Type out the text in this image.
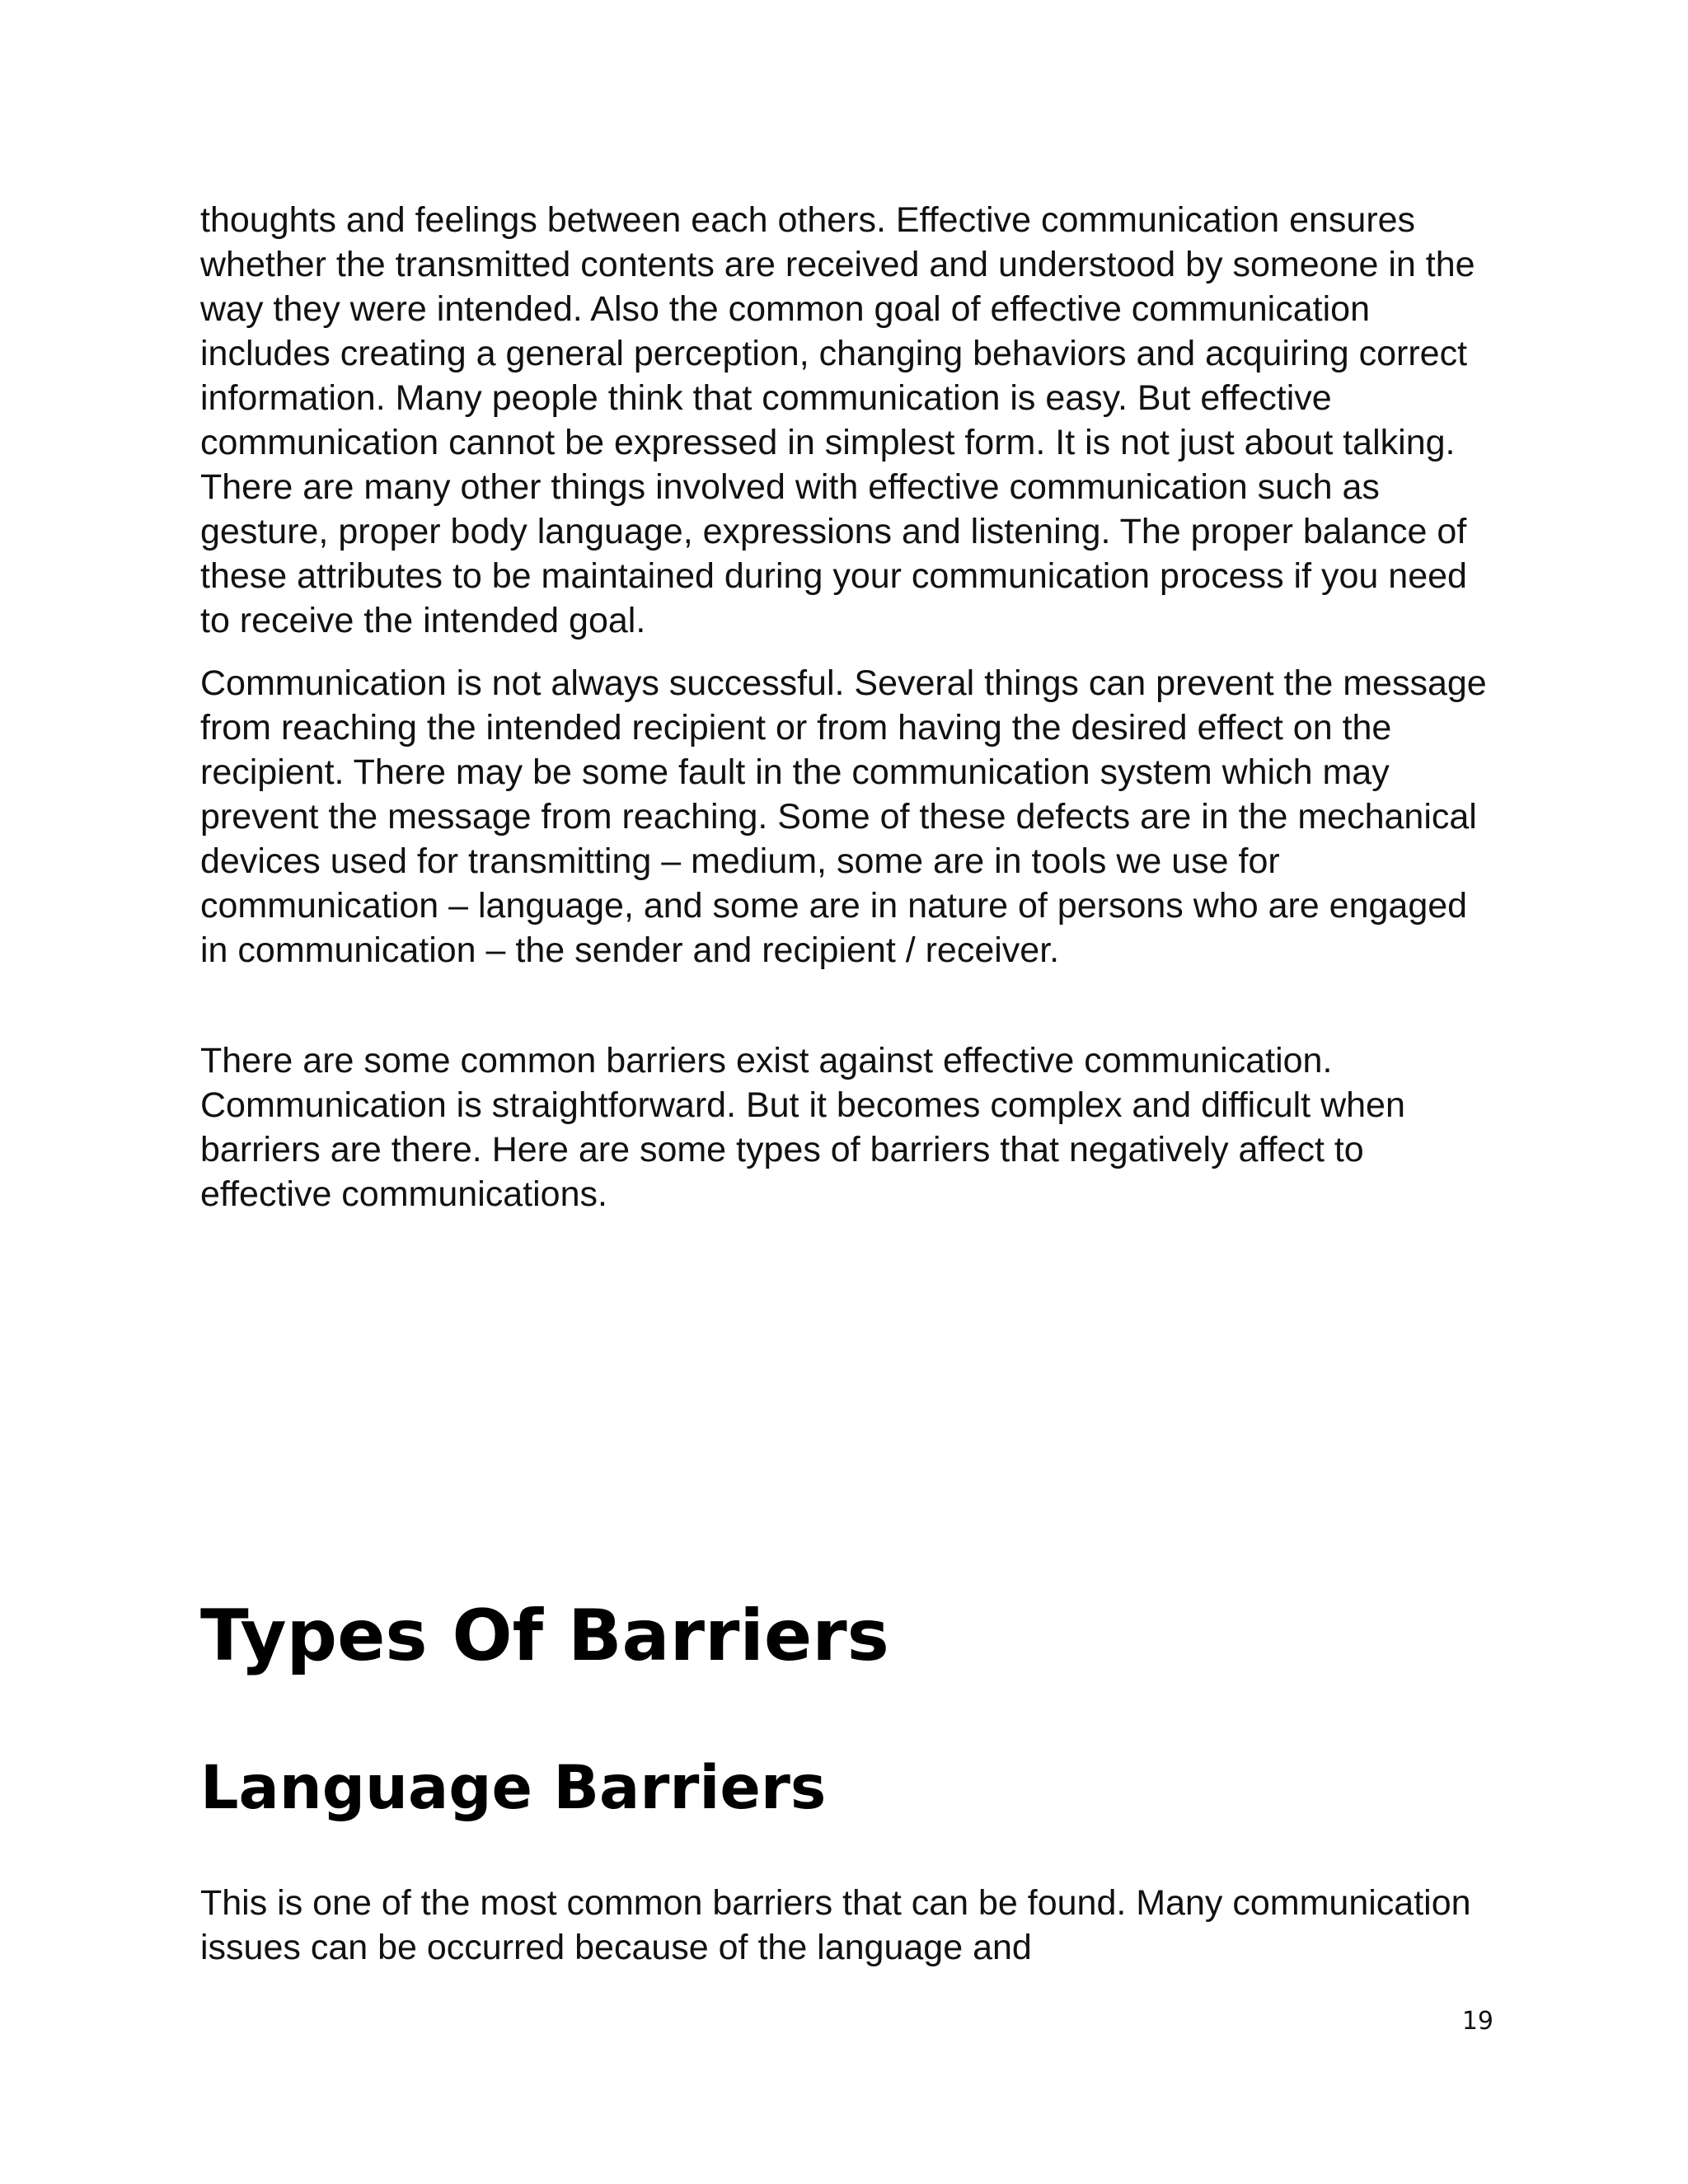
thoughts and feelings between each others. Effective communication ensures whether the transmitted contents are received and understood by someone in the way they were intended. Also the common goal of effective communication includes creating a general perception, changing behaviors and acquiring correct information. Many people think that communication is easy. But effective communication cannot be expressed in simplest form. It is not just about talking. There are many other things involved with effective communication such as gesture, proper body language, expressions and listening. The proper balance of these attributes to be maintained during your communication process if you need to receive the intended goal.

Communication is not always successful. Several things can prevent the message from reaching the intended recipient or from having the desired effect on the recipient. There may be some fault in the communication system which may prevent the message from reaching. Some of these defects are in the mechanical devices used for transmitting – medium, some are in tools we use for communication – language, and some are in nature of persons who are engaged in communication – the sender and recipient / receiver.

There are some common barriers exist against effective communication. Communication is straightforward. But it becomes complex and difficult when barriers are there. Here are some types of barriers that negatively affect to effective communications.

Types Of Barriers
Language Barriers

This is one of the most common barriers that can be found. Many communication issues can be occurred because of the language and

19
